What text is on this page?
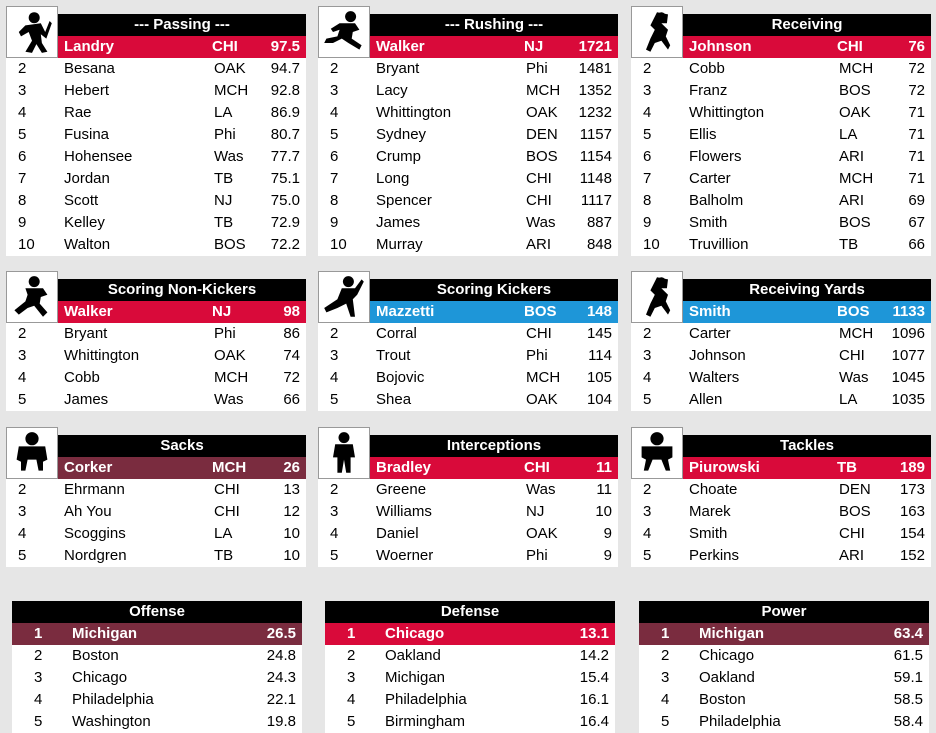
--- Passing ---
Landry	CHI 97.5
2	Besana	OAK 94.7
3	Hebert	MCH 92.8
4	Rae	LA	86.9
5	Fusina	Phi 80.7
6	Hohensee	Was 77.7
7	Jordan	TB	75.1
8	Scott	NJ	75.0
9	Kelley	TB	72.9
10 Walton	BOS 72.2
--- Rushing ---
Walker	NJ 1721
2	Bryant	Phi 1481
3	Lacy	MCH 1352
4	Whittington	OAK 1232
5	Sydney	DEN 1157
6	Crump	BOS 1154
7	Long	CHI 1148
8	Spencer	CHI 1117
9	James	Was 887
10 Murray	ARI 848
Receiving
Johnson	CHI	76
2	Cobb	MCH 72
3	Franz	BOS	72
4	Whittington	OAK	71
5	Ellis	LA	71
6	Flowers	ARI	71
7	Carter	MCH 71
8	Balholm	ARI	69
9	Smith	BOS	67
10 Truvillion	TB	66
Scoring Non-Kickers
Walker	NJ	98
2	Bryant	Phi	86
3	Whittington	OAK	74
4	Cobb	MCH 72
5	James	Was	66
Scoring Kickers
Mazzetti	BOS 148
2	Corral	CHI 145
3	Trout	Phi	114
4	Bojovic	MCH 105
5	Shea	OAK 104
Receiving Yards
Smith	BOS 1133
2	Carter	MCH 1096
3	Johnson	CHI 1077
4	Walters	Was 1045
5	Allen	LA 1035
Sacks
Corker	MCH 26
2	Ehrmann	CHI	13
3	Ah You	CHI	12
4	Scoggins	LA	10
5	Nordgren	TB	10
Interceptions
Bradley	CHI	11
2	Greene	Was	11
3	Williams	NJ	10
4	Daniel	OAK	9
5	Woerner	Phi	9
Tackles
Piurowski	TB	189
2	Choate	DEN 173
3	Marek	BOS 163
4	Smith	CHI 154
5	Perkins	ARI 152
Offense
1 Michigan	26.5
2 Boston	24.8
3 Chicago	24.3
4 Philadelphia	22.1
5 Washington	19.8
Defense
1 Chicago	13.1
2 Oakland	14.2
3 Michigan	15.4
4 Philadelphia	16.1
5 Birmingham	16.4
Power
1 Michigan	63.4
2 Chicago	61.5
3 Oakland	59.1
4 Boston	58.5
5 Philadelphia	58.4
